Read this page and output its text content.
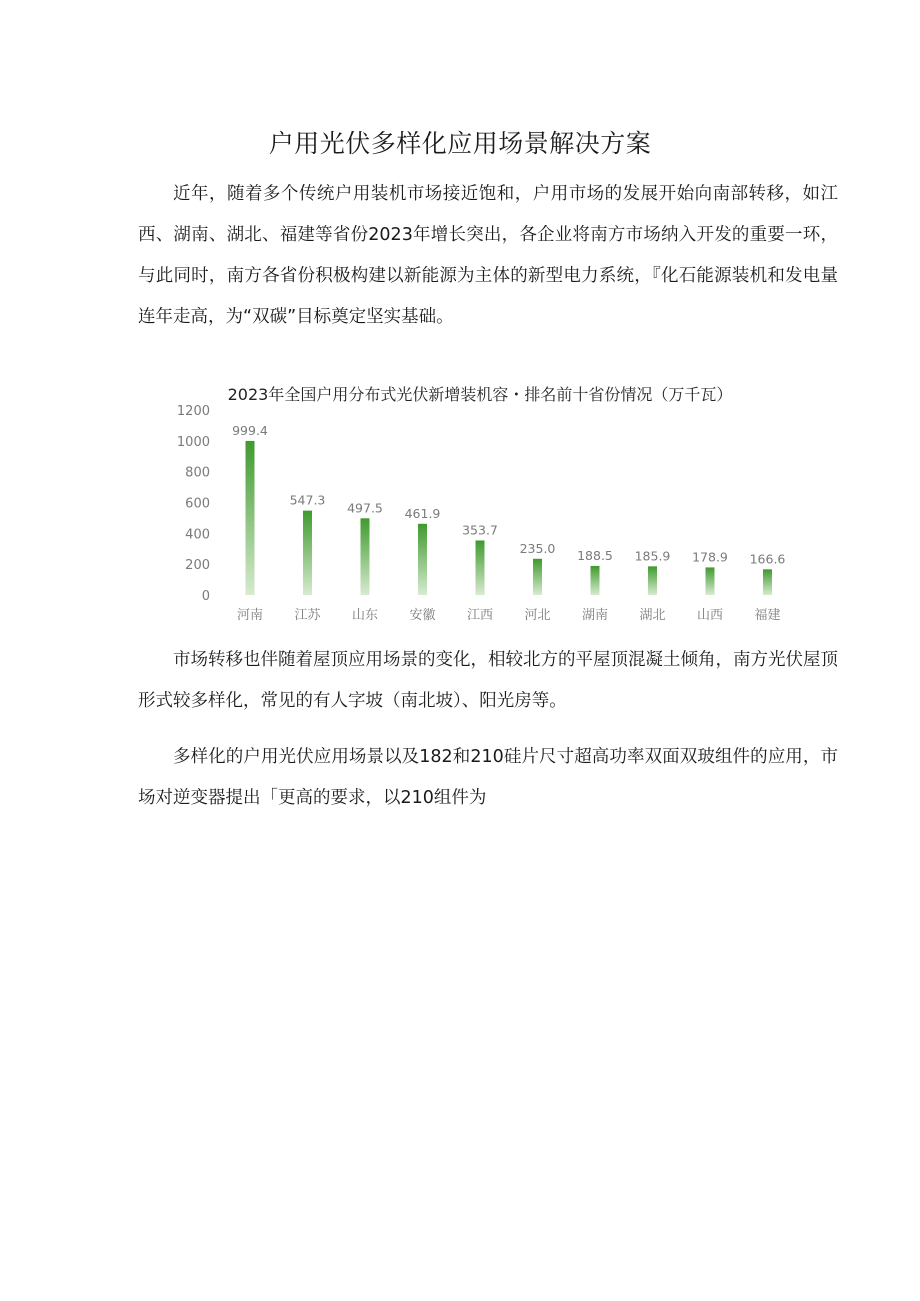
户用光伏多样化应用场景解决方案

近年，随着多个传统户用装机市场接近饱和，户用市场的发展开始向南部转移，如江西、湖南、湖北、福建等省份2023年增长突出，各企业将南方市场纳入开发的重要一环，与此同时，南方各省份积极构建以新能源为主体的新型电力系统，『化石能源装机和发电量连年走高，为“双碳”目标奠定坚实基础。

2023年全国户用分布式光伏新增装机容・排名前十省份情况（万千瓦）
0
200
400
600
800
1000
1200
999.4
547.3
497.5 461.9
353.7
235.0 188.5 185.9 178.9 166.6
河南 江苏 山东 安徽 江西 河北 湖南 湖北 山西 福建

市场转移也伴随着屋顶应用场景的变化，相较北方的平屋顶混凝土倾角，南方光伏屋顶形式较多样化，常见的有人字坡（南北坡）、阳光房等。

多样化的户用光伏应用场景以及182和210硅片尺寸超高功率双面双玻组件的应用，市场对逆变器提出「更高的要求，以210组件为
